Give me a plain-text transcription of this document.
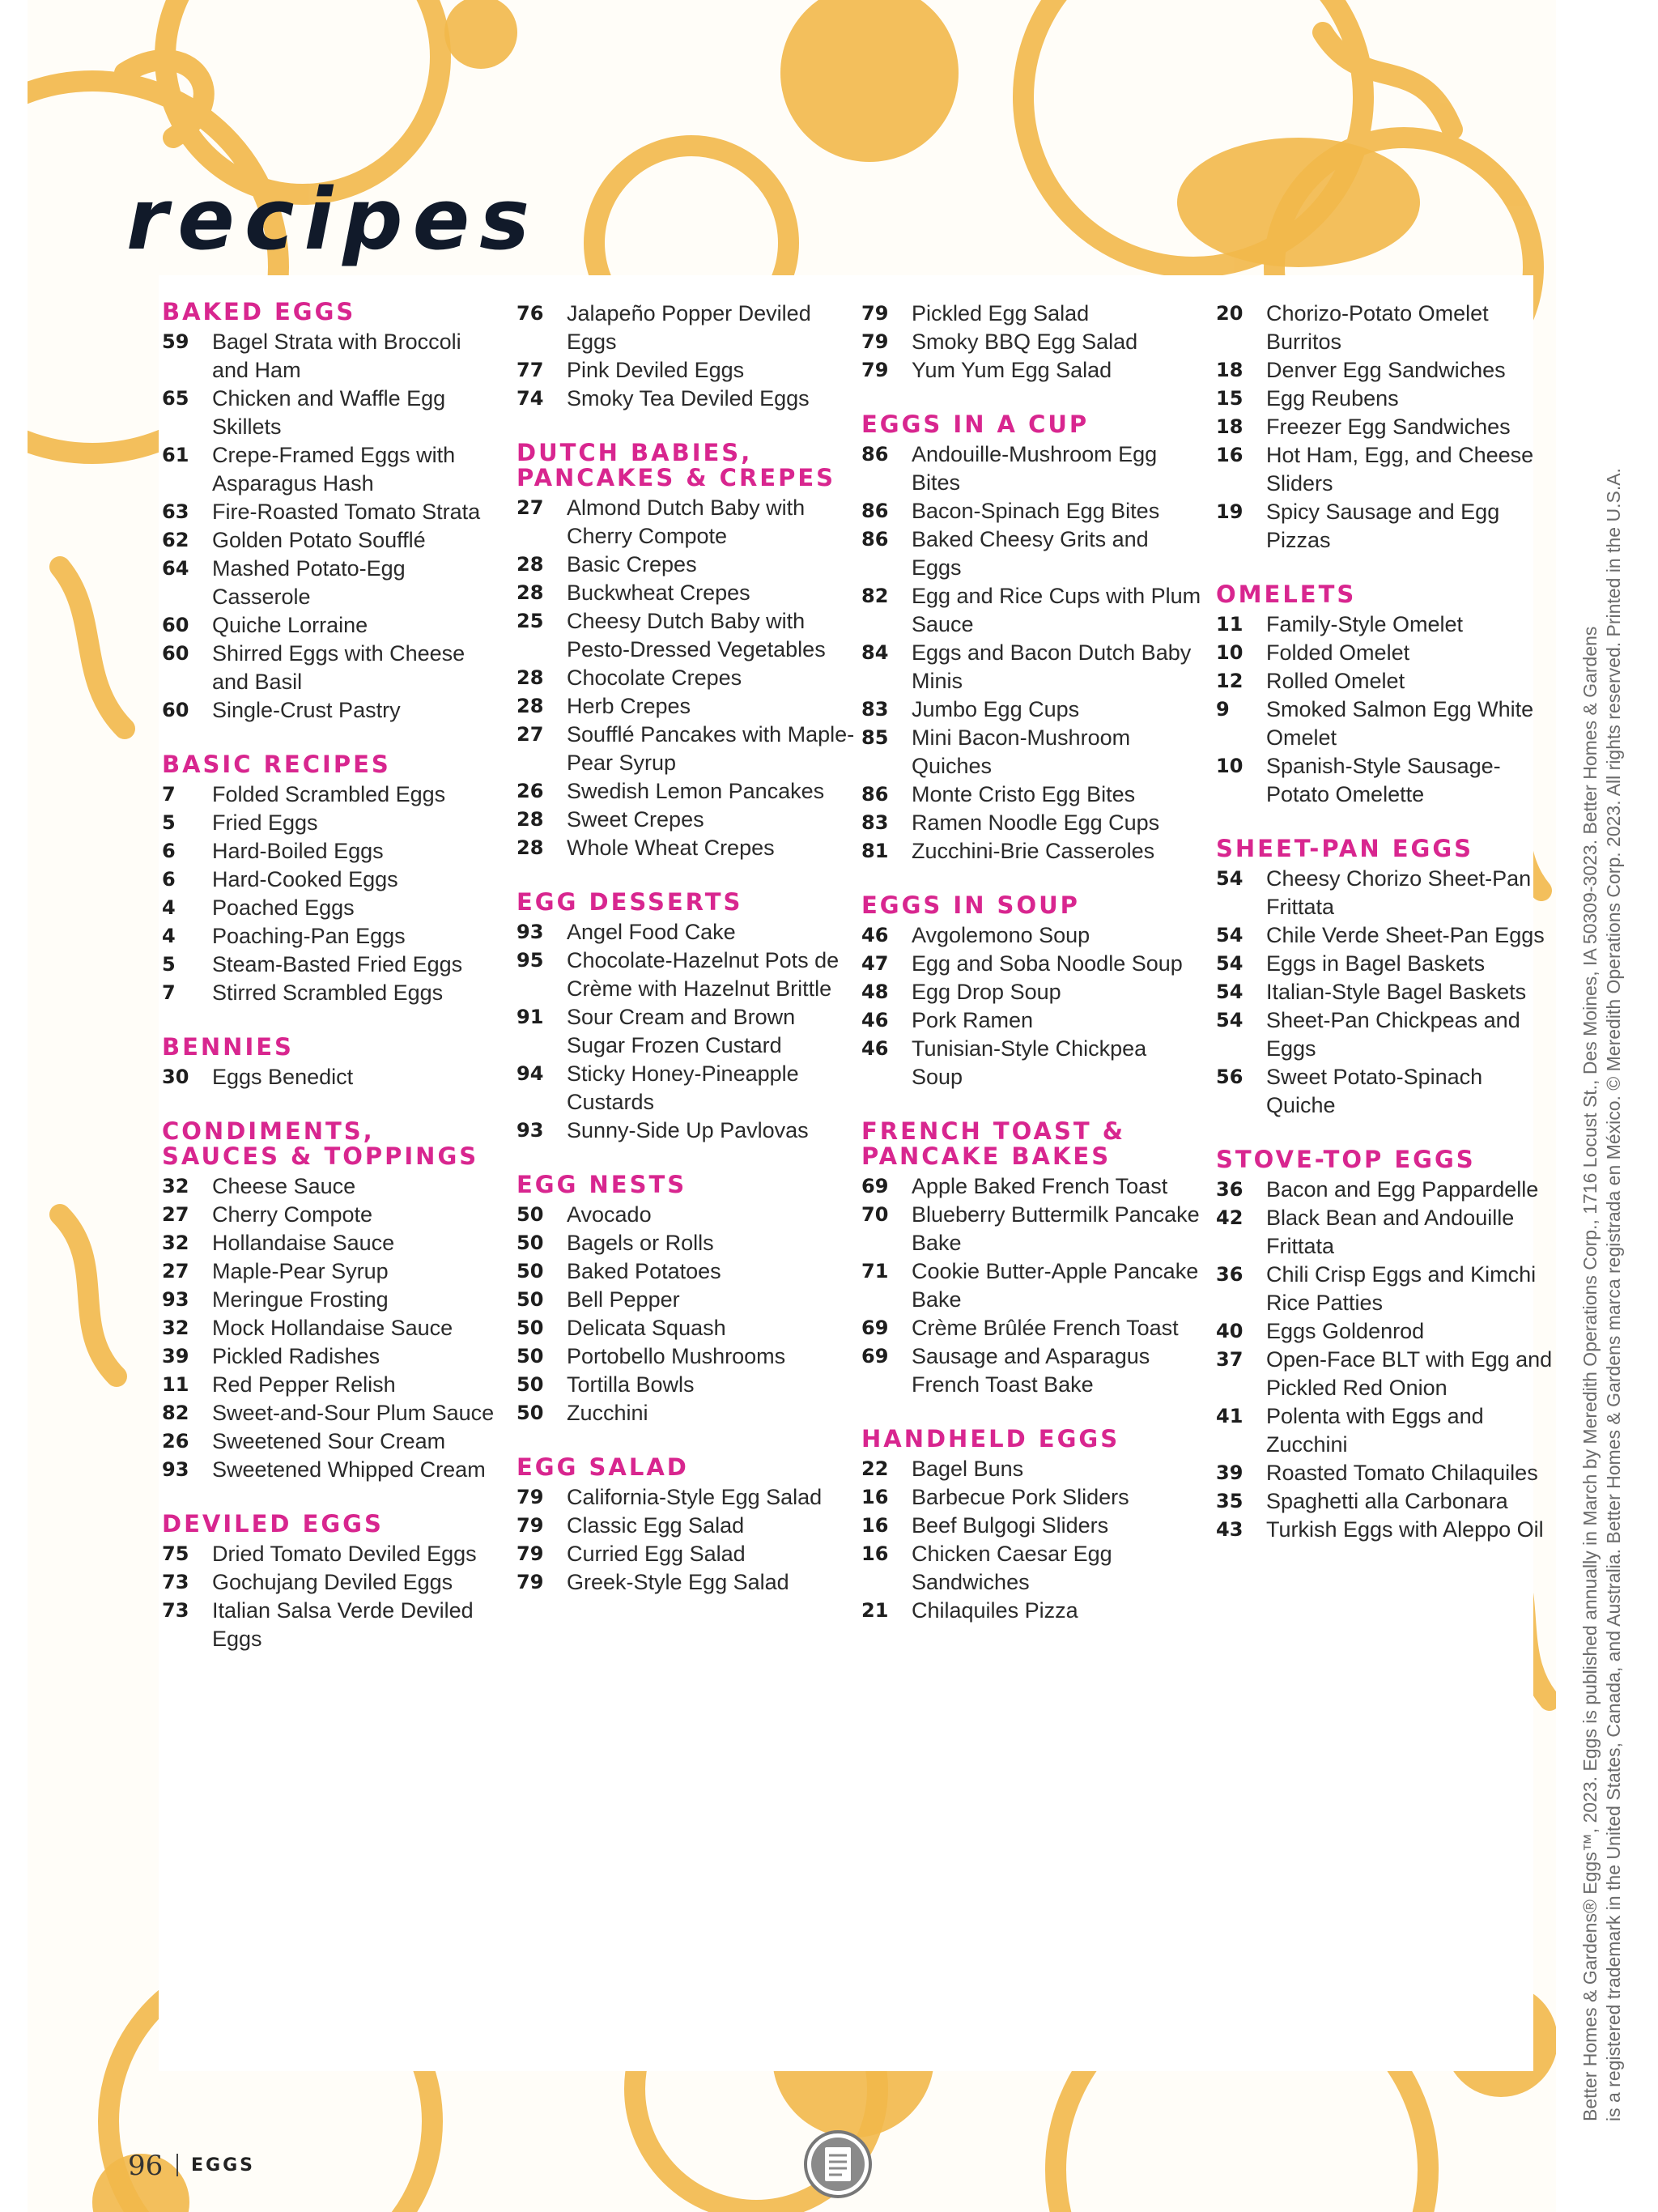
recipes
BAKED EGGS
59	Bagel Strata with Broccoli and Ham
65	Chicken and Waffle Egg Skillets
61	Crepe-Framed Eggs with Asparagus Hash
63	Fire-Roasted Tomato Strata
62	Golden Potato Soufflé
64	Mashed Potato-Egg Casserole
60	Quiche Lorraine
60	Shirred Eggs with Cheese and Basil
60	Single-Crust Pastry
BASIC RECIPES
7	Folded Scrambled Eggs
5	Fried Eggs
6	Hard-Boiled Eggs
6	Hard-Cooked Eggs
4	Poached Eggs
4	Poaching-Pan Eggs
5	Steam-Basted Fried Eggs
7	Stirred Scrambled Eggs
BENNIES
30	Eggs Benedict
CONDIMENTS, SAUCES & TOPPINGS
32	Cheese Sauce
27	Cherry Compote
32	Hollandaise Sauce
27	Maple-Pear Syrup
93	Meringue Frosting
32	Mock Hollandaise Sauce
39	Pickled Radishes
11	Red Pepper Relish
82	Sweet-and-Sour Plum Sauce
26	Sweetened Sour Cream
93	Sweetened Whipped Cream
DEVILED EGGS
75	Dried Tomato Deviled Eggs
73	Gochujang Deviled Eggs
73	Italian Salsa Verde Deviled Eggs
76	Jalapeño Popper Deviled Eggs
77	Pink Deviled Eggs
74	Smoky Tea Deviled Eggs
DUTCH BABIES, PANCAKES & CREPES
27	Almond Dutch Baby with Cherry Compote
28	Basic Crepes
28	Buckwheat Crepes
25	Cheesy Dutch Baby with Pesto-Dressed Vegetables
28	Chocolate Crepes
28	Herb Crepes
27	Soufflé Pancakes with Maple-Pear Syrup
26	Swedish Lemon Pancakes
28	Sweet Crepes
28	Whole Wheat Crepes
EGG DESSERTS
93	Angel Food Cake
95	Chocolate-Hazelnut Pots de Crème with Hazelnut Brittle
91	Sour Cream and Brown Sugar Frozen Custard
94	Sticky Honey-Pineapple Custards
93	Sunny-Side Up Pavlovas
EGG NESTS
50	Avocado
50	Bagels or Rolls
50	Baked Potatoes
50	Bell Pepper
50	Delicata Squash
50	Portobello Mushrooms
50	Tortilla Bowls
50	Zucchini
EGG SALAD
79	California-Style Egg Salad
79	Classic Egg Salad
79	Curried Egg Salad
79	Greek-Style Egg Salad
79	Pickled Egg Salad
79	Smoky BBQ Egg Salad
79	Yum Yum Egg Salad
EGGS IN A CUP
86	Andouille-Mushroom Egg Bites
86	Bacon-Spinach Egg Bites
86	Baked Cheesy Grits and Eggs
82	Egg and Rice Cups with Plum Sauce
84	Eggs and Bacon Dutch Baby Minis
83	Jumbo Egg Cups
85	Mini Bacon-Mushroom Quiches
86	Monte Cristo Egg Bites
83	Ramen Noodle Egg Cups
81	Zucchini-Brie Casseroles
EGGS IN SOUP
46	Avgolemono Soup
47	Egg and Soba Noodle Soup
48	Egg Drop Soup
46	Pork Ramen
46	Tunisian-Style Chickpea Soup
FRENCH TOAST & PANCAKE BAKES
69	Apple Baked French Toast
70	Blueberry Buttermilk Pancake Bake
71	Cookie Butter-Apple Pancake Bake
69	Crème Brûlée French Toast
69	Sausage and Asparagus French Toast Bake
HANDHELD EGGS
22	Bagel Buns
16	Barbecue Pork Sliders
16	Beef Bulgogi Sliders
16	Chicken Caesar Egg Sandwiches
21	Chilaquiles Pizza
20	Chorizo-Potato Omelet Burritos
18	Denver Egg Sandwiches
15	Egg Reubens
18	Freezer Egg Sandwiches
16	Hot Ham, Egg, and Cheese Sliders
19	Spicy Sausage and Egg Pizzas
OMELETS
11	Family-Style Omelet
10	Folded Omelet
12	Rolled Omelet
9	Smoked Salmon Egg White Omelet
10	Spanish-Style Sausage-Potato Omelette
SHEET-PAN EGGS
54	Cheesy Chorizo Sheet-Pan Frittata
54	Chile Verde Sheet-Pan Eggs
54	Eggs in Bagel Baskets
54	Italian-Style Bagel Baskets
54	Sheet-Pan Chickpeas and Eggs
56	Sweet Potato-Spinach Quiche
STOVE-TOP EGGS
36	Bacon and Egg Pappardelle
42	Black Bean and Andouille Frittata
36	Chili Crisp Eggs and Kimchi Rice Patties
40	Eggs Goldenrod
37	Open-Face BLT with Egg and Pickled Red Onion
41	Polenta with Eggs and Zucchini
39	Roasted Tomato Chilaquiles
35	Spaghetti alla Carbonara
43	Turkish Eggs with Aleppo Oil
96 EGGS
Better Homes & Gardens® Eggs™, 2023. Eggs is published annually in March by Meredith Operations Corp., 1716 Locust St., Des Moines, IA 50309-3023. Better Homes & Gardens is a registered trademark in the United States, Canada, and Australia. Better Homes & Gardens marca registrada en México. © Meredith Operations Corp. 2023. All rights reserved. Printed in the U.S.A.
